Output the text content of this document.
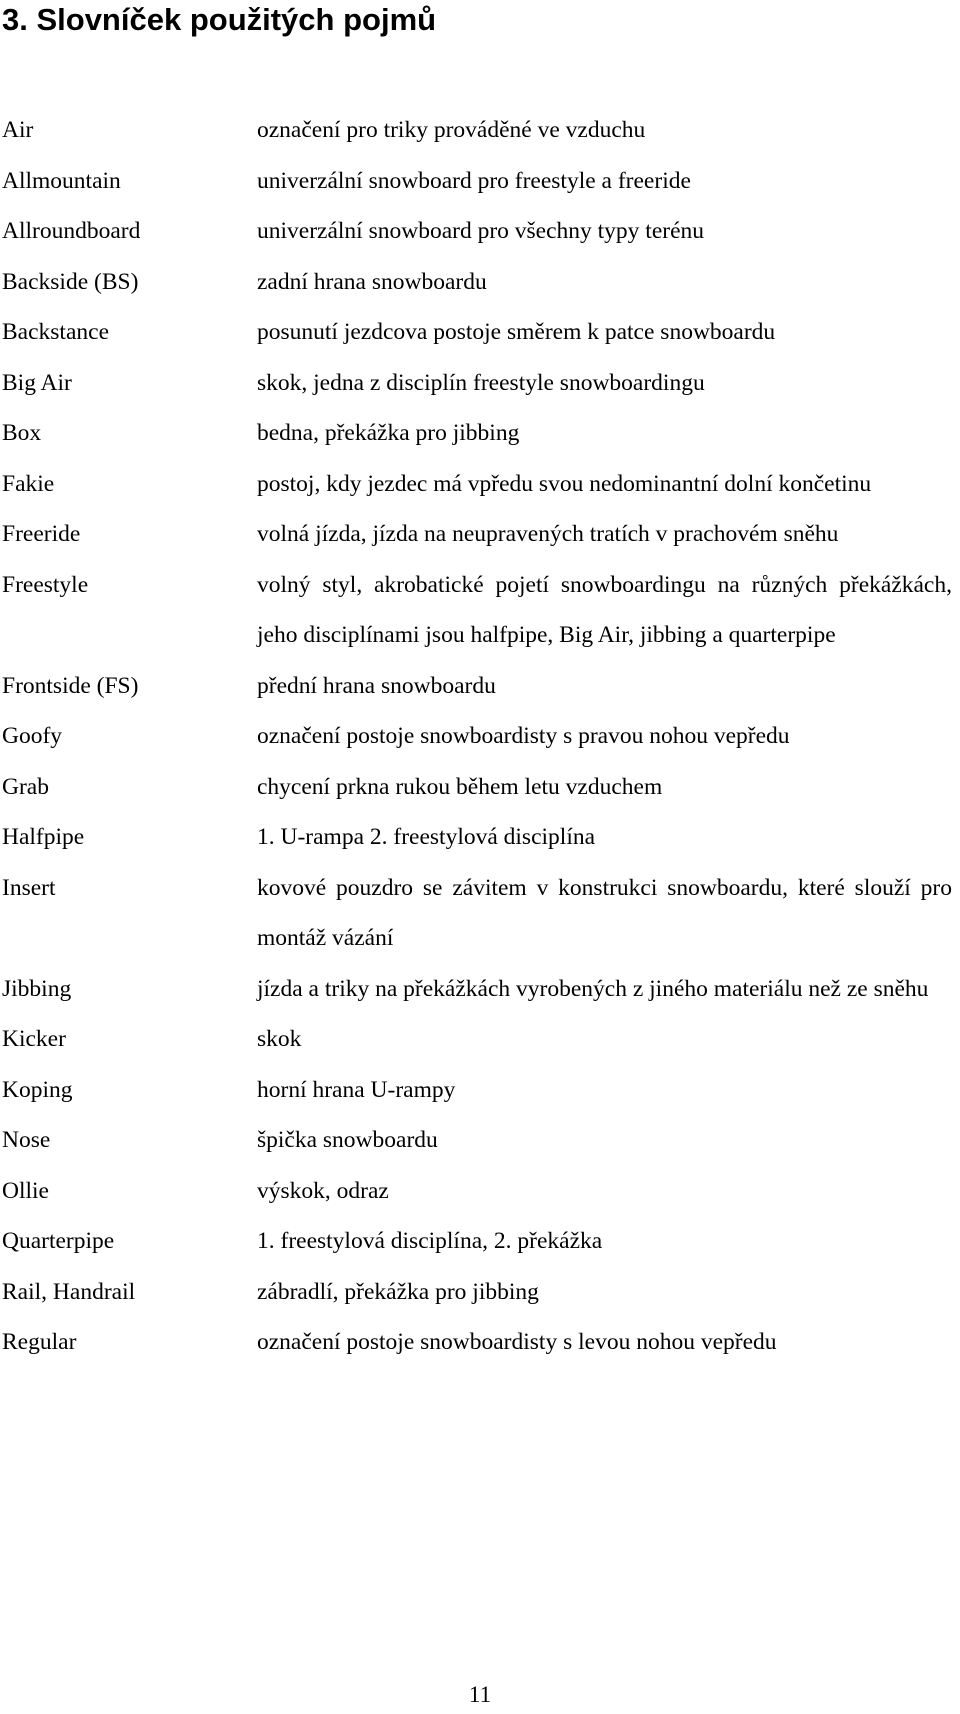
3. Slovníček použitých pojmů
Air	označení pro triky prováděné ve vzduchu
Allmountain	univerzální snowboard pro freestyle a freeride
Allroundboard	univerzální snowboard pro všechny typy terénu
Backside (BS)	zadní hrana snowboardu
Backstance	posunutí jezdcova postoje směrem k patce snowboardu
Big Air	skok, jedna z disciplín freestyle snowboardingu
Box	bedna, překážka pro jibbing
Fakie	postoj, kdy jezdec má vpředu svou nedominantní dolní končetinu
Freeride	volná jízda, jízda na neupravených tratích v prachovém sněhu
Freestyle	volný styl, akrobatické pojetí snowboardingu na různých překážkách, jeho disciplínami jsou halfpipe, Big Air, jibbing a quarterpipe
Frontside (FS)	přední hrana snowboardu
Goofy	označení postoje snowboardisty s pravou nohou vepředu
Grab	chycení prkna rukou během letu vzduchem
Halfpipe	1. U-rampa 2. freestylová disciplína
Insert	kovové pouzdro se závitem v konstrukci snowboardu, které slouží pro montáž vázání
Jibbing	jízda a triky na překážkách vyrobených z jiného materiálu než ze sněhu
Kicker	skok
Koping	horní hrana U-rampy
Nose	špička snowboardu
Ollie	výskok, odraz
Quarterpipe	1. freestylová disciplína, 2. překážka
Rail, Handrail	zábradlí, překážka pro jibbing
Regular	označení postoje snowboardisty s levou nohou vepředu
11
